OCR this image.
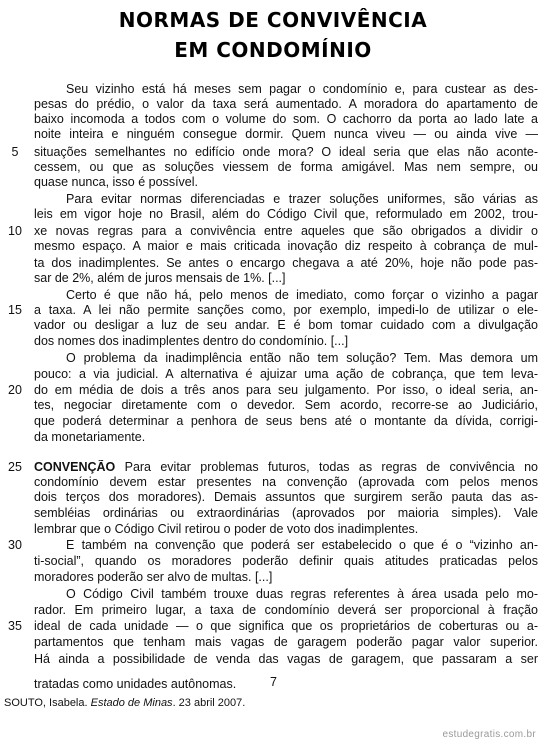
NORMAS DE CONVIVÊNCIA
EM CONDOMÍNIO
Seu vizinho está há meses sem pagar o condomínio e, para custear as des-
pesas do prédio, o valor da taxa será aumentado. A moradora do apartamento de
baixo incomoda a todos com o volume do som. O cachorro da porta ao lado late a
noite inteira e ninguém consegue dormir. Quem nunca viveu — ou ainda vive —
situações semelhantes no edifício onde mora? O ideal seria que elas não aconte-
cessem, ou que as soluções viessem de forma amigável. Mas nem sempre, ou
quase nunca, isso é possível.
Para evitar normas diferenciadas e trazer soluções uniformes, são várias as
leis em vigor hoje no Brasil, além do Código Civil que, reformulado em 2002, trou-
xe novas regras para a convivência entre aqueles que são obrigados a dividir o
mesmo espaço. A maior e mais criticada inovação diz respeito à cobrança de mul-
ta dos inadimplentes. Se antes o encargo chegava a até 20%, hoje não pode pas-
sar de 2%, além de juros mensais de 1%. [...]
Certo é que não há, pelo menos de imediato, como forçar o vizinho a pagar
a taxa. A lei não permite sanções como, por exemplo, impedi-lo de utilizar o ele-
vador ou desligar a luz de seu andar. E é bom tomar cuidado com a divulgação
dos nomes dos inadimplentes dentro do condomínio. [...]
O problema da inadimplência então não tem solução? Tem. Mas demora um
pouco: a via judicial. A alternativa é ajuizar uma ação de cobrança, que tem leva-
do em média de dois a três anos para seu julgamento. Por isso, o ideal seria, an-
tes, negociar diretamente com o devedor. Sem acordo, recorre-se ao Judiciário,
que poderá determinar a penhora de seus bens até o montante da dívida, corrigi-
da monetariamente.
CONVENÇÃO Para evitar problemas futuros, todas as regras de convivência no
condomínio devem estar presentes na convenção (aprovada com pelos menos
dois terços dos moradores). Demais assuntos que surgirem serão pauta das as-
sembléias ordinárias ou extraordinárias (aprovados por maioria simples). Vale
lembrar que o Código Civil retirou o poder de voto dos inadimplentes.
E também na convenção que poderá ser estabelecido o que é o “vizinho an-
ti-social”, quando os moradores poderão definir quais atitudes praticadas pelos
moradores poderão ser alvo de multas. [...]
O Código Civil também trouxe duas regras referentes à área usada pelo mo-
rador. Em primeiro lugar, a taxa de condomínio deverá ser proporcional à fração
ideal de cada unidade — o que significa que os proprietários de coberturas ou a-
partamentos que tenham mais vagas de garagem poderão pagar valor superior.
Há ainda a possibilidade de venda das vagas de garagem, que passaram a ser
tratadas como unidades autônomas.
5
10
15
20
25
30
35
7
SOUTO, Isabela. Estado de Minas. 23 abril 2007.
estudegratis.com.br
